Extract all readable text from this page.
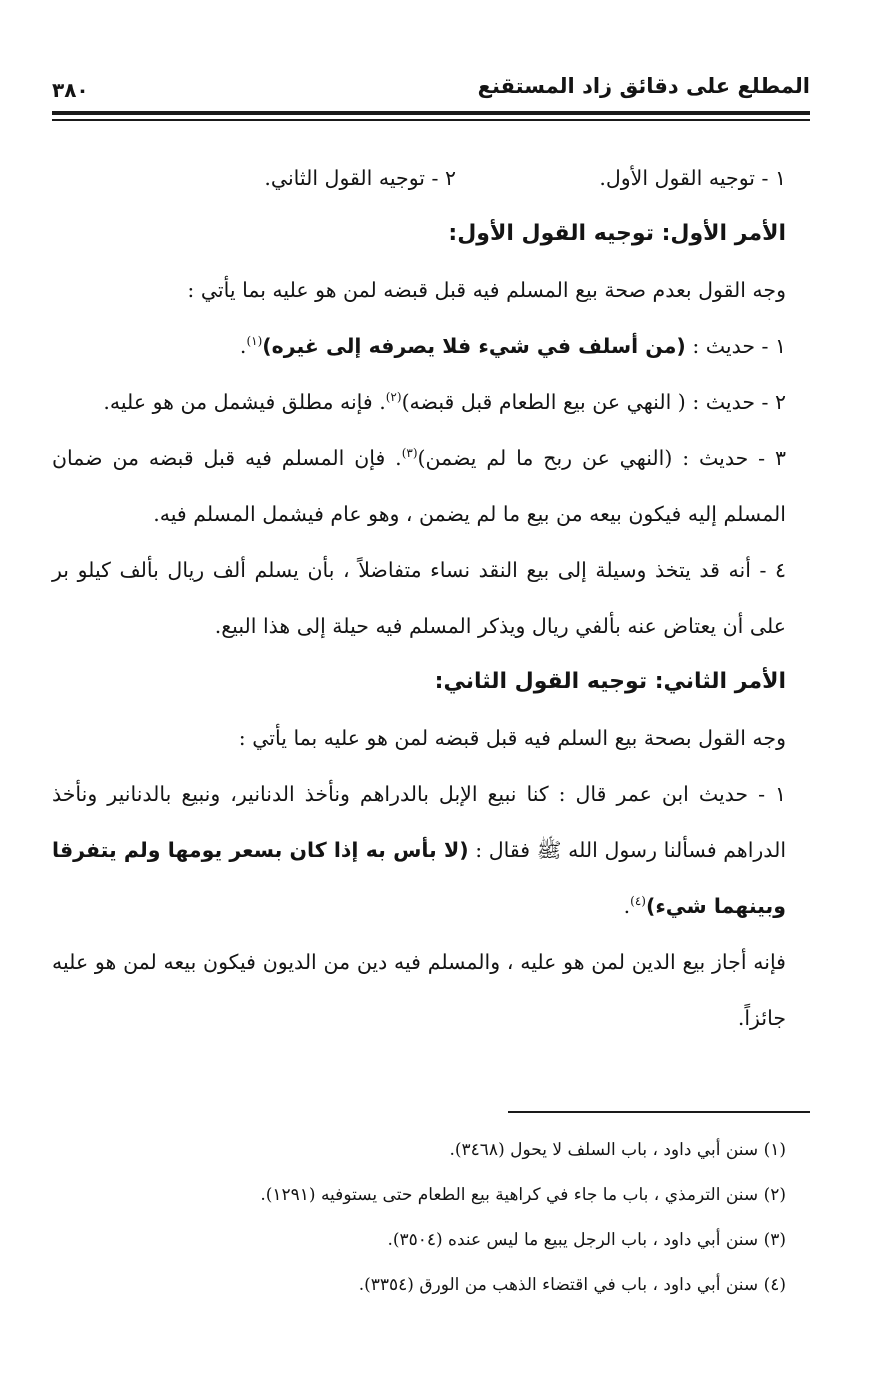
المطلع على دقائق زاد المستقنع
٣٨٠
١ - توجيه القول الأول.
٢ - توجيه القول الثاني.

الأمر الأول: توجيه القول الأول:

وجه القول بعدم صحة بيع المسلم فيه قبل قبضه لمن هو عليه بما يأتي :

١ - حديث : (من أسلف في شيء فلا يصرفه إلى غيره)$^{(١)}$.

٢ - حديث : ( النهي عن بيع الطعام قبل قبضه)$^{(٢)}$. فإنه مطلق فيشمل من هو عليه.

٣ - حديث : (النهي عن ربح ما لم يضمن)$^{(٣)}$. فإن المسلم فيه قبل قبضه من ضمان المسلم إليه فيكون بيعه من بيع ما لم يضمن ، وهو عام فيشمل المسلم فيه.

٤ - أنه قد يتخذ وسيلة إلى بيع النقد نساء متفاضلاً ، بأن يسلم ألف ريال بألف كيلو بر على أن يعتاض عنه بألفي ريال ويذكر المسلم فيه حيلة إلى هذا البيع.

الأمر الثاني: توجيه القول الثاني:

وجه القول بصحة بيع السلم فيه قبل قبضه لمن هو عليه بما يأتي :

١ - حديث ابن عمر قال : كنا نبيع الإبل بالدراهم ونأخذ الدنانير، ونبيع بالدنانير ونأخذ الدراهم فسألنا رسول الله ﷺ فقال : (لا بأس به إذا كان بسعر يومها ولم يتفرقا وبينهما شيء)$^{(٤)}$.

فإنه أجاز بيع الدين لمن هو عليه ، والمسلم فيه دين من الديون فيكون بيعه لمن هو عليه جائزاً.

(١) سنن أبي داود ، باب السلف لا يحول (٣٤٦٨).

(٢) سنن الترمذي ، باب ما جاء في كراهية بيع الطعام حتى يستوفيه (١٢٩١).

(٣) سنن أبي داود ، باب الرجل يبيع ما ليس عنده (٣٥٠٤).

(٤) سنن أبي داود ، باب في اقتضاء الذهب من الورق (٣٣٥٤).
